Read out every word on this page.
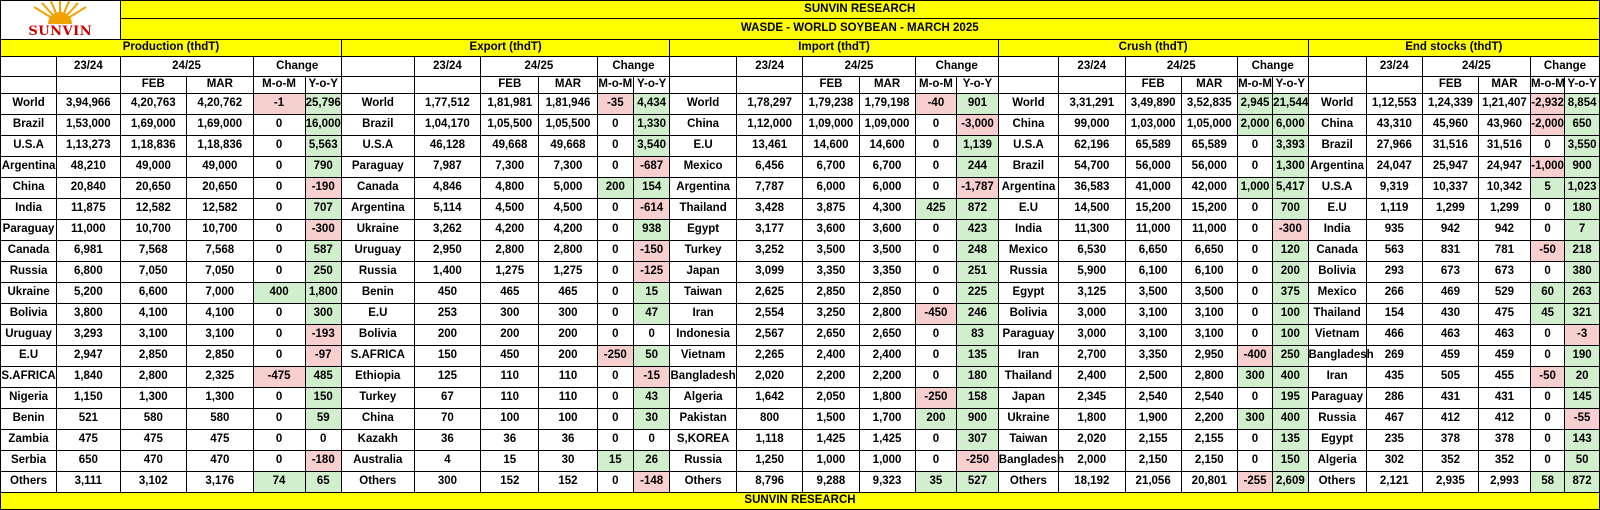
SUNVIN		SUNVIN RESEARCH																											
		WASDE - WORLD SOYBEAN - MARCH 2025																											
Production (thdT)						Export (thdT)						Import (thdT)						Crush (thdT)						End stocks (thdT)					
	23/24	24/25		Change			23/24	24/25		Change			23/24	24/25		Change			23/24	24/25		Change			23/24	24/25		Change	
		FEB	MAR	M-o-M	Y-o-Y			FEB	MAR	M-o-M	Y-o-Y			FEB	MAR	M-o-M	Y-o-Y			FEB	MAR	M-o-M	Y-o-Y			FEB	MAR	M-o-M	Y-o-Y
World	3,94,966	4,20,763	4,20,762	-1	25,796	World	1,77,512	1,81,981	1,81,946	-35	4,434	World	1,78,297	1,79,238	1,79,198	-40	901	World	3,31,291	3,49,890	3,52,835	2,945	21,544	World	1,12,553	1,24,339	1,21,407	-2,932	8,854
Brazil	1,53,000	1,69,000	1,69,000	0	16,000	Brazil	1,04,170	1,05,500	1,05,500	0	1,330	China	1,12,000	1,09,000	1,09,000	0	-3,000	China	99,000	1,03,000	1,05,000	2,000	6,000	China	43,310	45,960	43,960	-2,000	650
U.S.A	1,13,273	1,18,836	1,18,836	0	5,563	U.S.A	46,128	49,668	49,668	0	3,540	E.U	13,461	14,600	14,600	0	1,139	U.S.A	62,196	65,589	65,589	0	3,393	Brazil	27,966	31,516	31,516	0	3,550
Argentina	48,210	49,000	49,000	0	790	Paraguay	7,987	7,300	7,300	0	-687	Mexico	6,456	6,700	6,700	0	244	Brazil	54,700	56,000	56,000	0	1,300	Argentina	24,047	25,947	24,947	-1,000	900
China	20,840	20,650	20,650	0	-190	Canada	4,846	4,800	5,000	200	154	Argentina	7,787	6,000	6,000	0	-1,787	Argentina	36,583	41,000	42,000	1,000	5,417	U.S.A	9,319	10,337	10,342	5	1,023
India	11,875	12,582	12,582	0	707	Argentina	5,114	4,500	4,500	0	-614	Thailand	3,428	3,875	4,300	425	872	E.U	14,500	15,200	15,200	0	700	E.U	1,119	1,299	1,299	0	180
Paraguay	11,000	10,700	10,700	0	-300	Ukraine	3,262	4,200	4,200	0	938	Egypt	3,177	3,600	3,600	0	423	India	11,300	11,000	11,000	0	-300	India	935	942	942	0	7
Canada	6,981	7,568	7,568	0	587	Uruguay	2,950	2,800	2,800	0	-150	Turkey	3,252	3,500	3,500	0	248	Mexico	6,530	6,650	6,650	0	120	Canada	563	831	781	-50	218
Russia	6,800	7,050	7,050	0	250	Russia	1,400	1,275	1,275	0	-125	Japan	3,099	3,350	3,350	0	251	Russia	5,900	6,100	6,100	0	200	Bolivia	293	673	673	0	380
Ukraine	5,200	6,600	7,000	400	1,800	Benin	450	465	465	0	15	Taiwan	2,625	2,850	2,850	0	225	Egypt	3,125	3,500	3,500	0	375	Mexico	266	469	529	60	263
Bolivia	3,800	4,100	4,100	0	300	E.U	253	300	300	0	47	Iran	2,554	3,250	2,800	-450	246	Bolivia	3,000	3,100	3,100	0	100	Thailand	154	430	475	45	321
Uruguay	3,293	3,100	3,100	0	-193	Bolivia	200	200	200	0	0	Indonesia	2,567	2,650	2,650	0	83	Paraguay	3,000	3,100	3,100	0	100	Vietnam	466	463	463	0	-3
E.U	2,947	2,850	2,850	0	-97	S.AFRICA	150	450	200	-250	50	Vietnam	2,265	2,400	2,400	0	135	Iran	2,700	3,350	2,950	-400	250	Bangladesh	269	459	459	0	190
S.AFRICA	1,840	2,800	2,325	-475	485	Ethiopia	125	110	110	0	-15	Bangladesh	2,020	2,200	2,200	0	180	Thailand	2,400	2,500	2,800	300	400	Iran	435	505	455	-50	20
Nigeria	1,150	1,300	1,300	0	150	Turkey	67	110	110	0	43	Algeria	1,642	2,050	1,800	-250	158	Japan	2,345	2,540	2,540	0	195	Paraguay	286	431	431	0	145
Benin	521	580	580	0	59	China	70	100	100	0	30	Pakistan	800	1,500	1,700	200	900	Ukraine	1,800	1,900	2,200	300	400	Russia	467	412	412	0	-55
Zambia	475	475	475	0	0	Kazakh	36	36	36	0	0	S,KOREA	1,118	1,425	1,425	0	307	Taiwan	2,020	2,155	2,155	0	135	Egypt	235	378	378	0	143
Serbia	650	470	470	0	-180	Australia	4	15	30	15	26	Russia	1,250	1,000	1,000	0	-250	Bangladesh	2,000	2,150	2,150	0	150	Algeria	302	352	352	0	50
Others	3,111	3,102	3,176	74	65	Others	300	152	152	0	-148	Others	8,796	9,288	9,323	35	527	Others	18,192	21,056	20,801	-255	2,609	Others	2,121	2,935	2,993	58	872
SUNVIN RESEARCH																													
